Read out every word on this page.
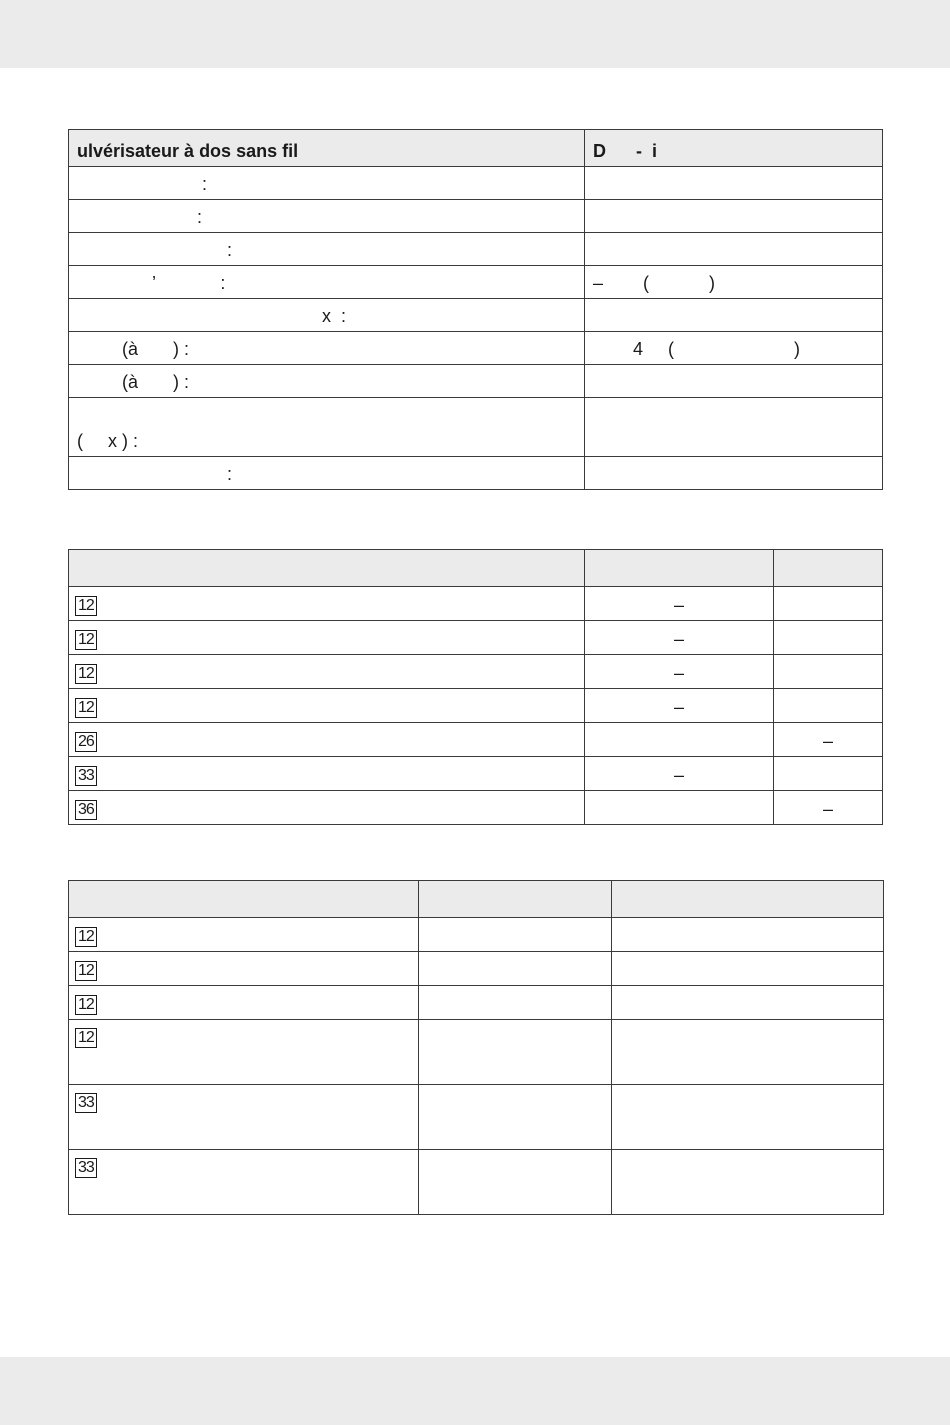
ulvérisateur à dos sans fil	D      -  i
:	
:	
:	
’             :	–        (            )
x  :	
(à       ) :	4     (                        )
(à       ) :	
(     x ) :	
:	

12	–	
12	–	
12	–	
12	–	
26		–
33	–	
36		–

12		
12		
12		
12		
33		
33		
